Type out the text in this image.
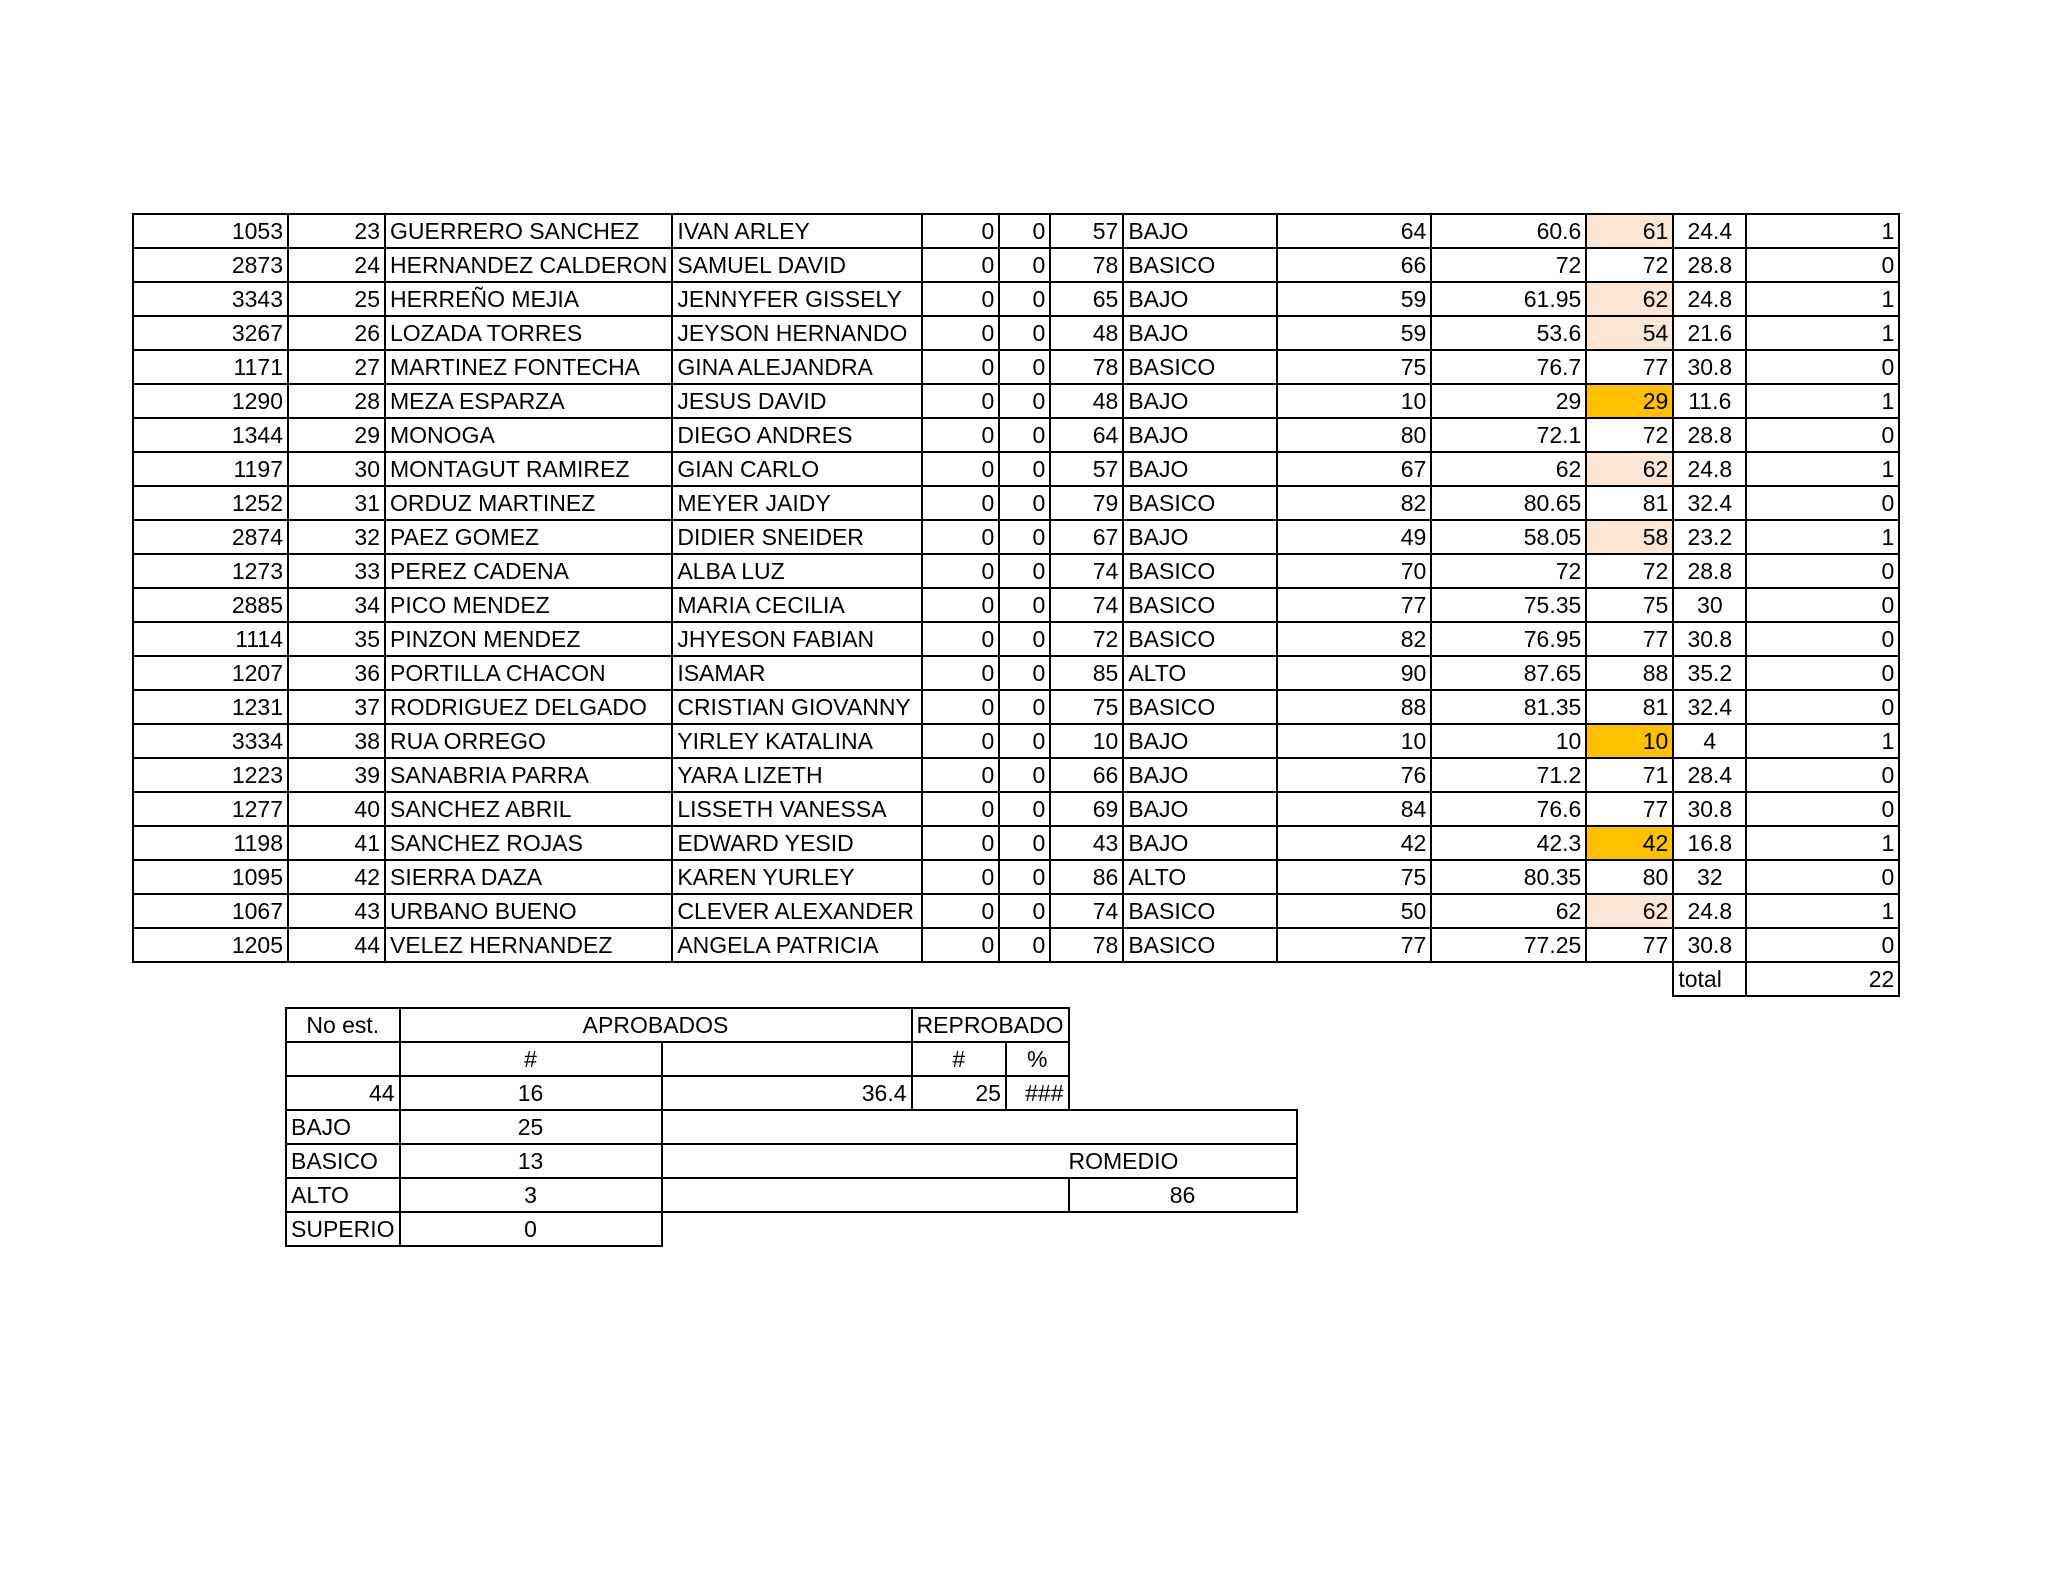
1053	23	GUERRERO SANCHEZ	IVAN ARLEY	0	0	57	BAJO	64	60.6	61	24.4	1
2873	24	HERNANDEZ CALDERON	SAMUEL DAVID	0	0	78	BASICO	66	72	72	28.8	0
3343	25	HERREÑO MEJIA	JENNYFER GISSELY	0	0	65	BAJO	59	61.95	62	24.8	1
3267	26	LOZADA TORRES	JEYSON HERNANDO	0	0	48	BAJO	59	53.6	54	21.6	1
1171	27	MARTINEZ FONTECHA	GINA ALEJANDRA	0	0	78	BASICO	75	76.7	77	30.8	0
1290	28	MEZA ESPARZA	JESUS DAVID	0	0	48	BAJO	10	29	29	11.6	1
1344	29	MONOGA	DIEGO ANDRES	0	0	64	BAJO	80	72.1	72	28.8	0
1197	30	MONTAGUT RAMIREZ	GIAN CARLO	0	0	57	BAJO	67	62	62	24.8	1
1252	31	ORDUZ MARTINEZ	MEYER JAIDY	0	0	79	BASICO	82	80.65	81	32.4	0
2874	32	PAEZ GOMEZ	DIDIER SNEIDER	0	0	67	BAJO	49	58.05	58	23.2	1
1273	33	PEREZ CADENA	ALBA LUZ	0	0	74	BASICO	70	72	72	28.8	0
2885	34	PICO MENDEZ	MARIA CECILIA	0	0	74	BASICO	77	75.35	75	30	0
1114	35	PINZON MENDEZ	JHYESON FABIAN	0	0	72	BASICO	82	76.95	77	30.8	0
1207	36	PORTILLA CHACON	ISAMAR	0	0	85	ALTO	90	87.65	88	35.2	0
1231	37	RODRIGUEZ DELGADO	CRISTIAN GIOVANNY	0	0	75	BASICO	88	81.35	81	32.4	0
3334	38	RUA ORREGO	YIRLEY KATALINA	0	0	10	BAJO	10	10	10	4	1
1223	39	SANABRIA PARRA	YARA LIZETH	0	0	66	BAJO	76	71.2	71	28.4	0
1277	40	SANCHEZ ABRIL	LISSETH VANESSA	0	0	69	BAJO	84	76.6	77	30.8	0
1198	41	SANCHEZ ROJAS	EDWARD YESID	0	0	43	BAJO	42	42.3	42	16.8	1
1095	42	SIERRA DAZA	KAREN YURLEY	0	0	86	ALTO	75	80.35	80	32	0
1067	43	URBANO BUENO	CLEVER ALEXANDER	0	0	74	BASICO	50	62	62	24.8	1
1205	44	VELEZ HERNANDEZ	ANGELA PATRICIA	0	0	78	BASICO	77	77.25	77	30.8	0
											total	22
No est.	APROBADOS		REPROBADO		
	#		#	%	
44	16	36.4	25	###	
BAJO	25				
BASICO	13				ROMEDIO
ALTO	3				86
SUPERIO	0				
